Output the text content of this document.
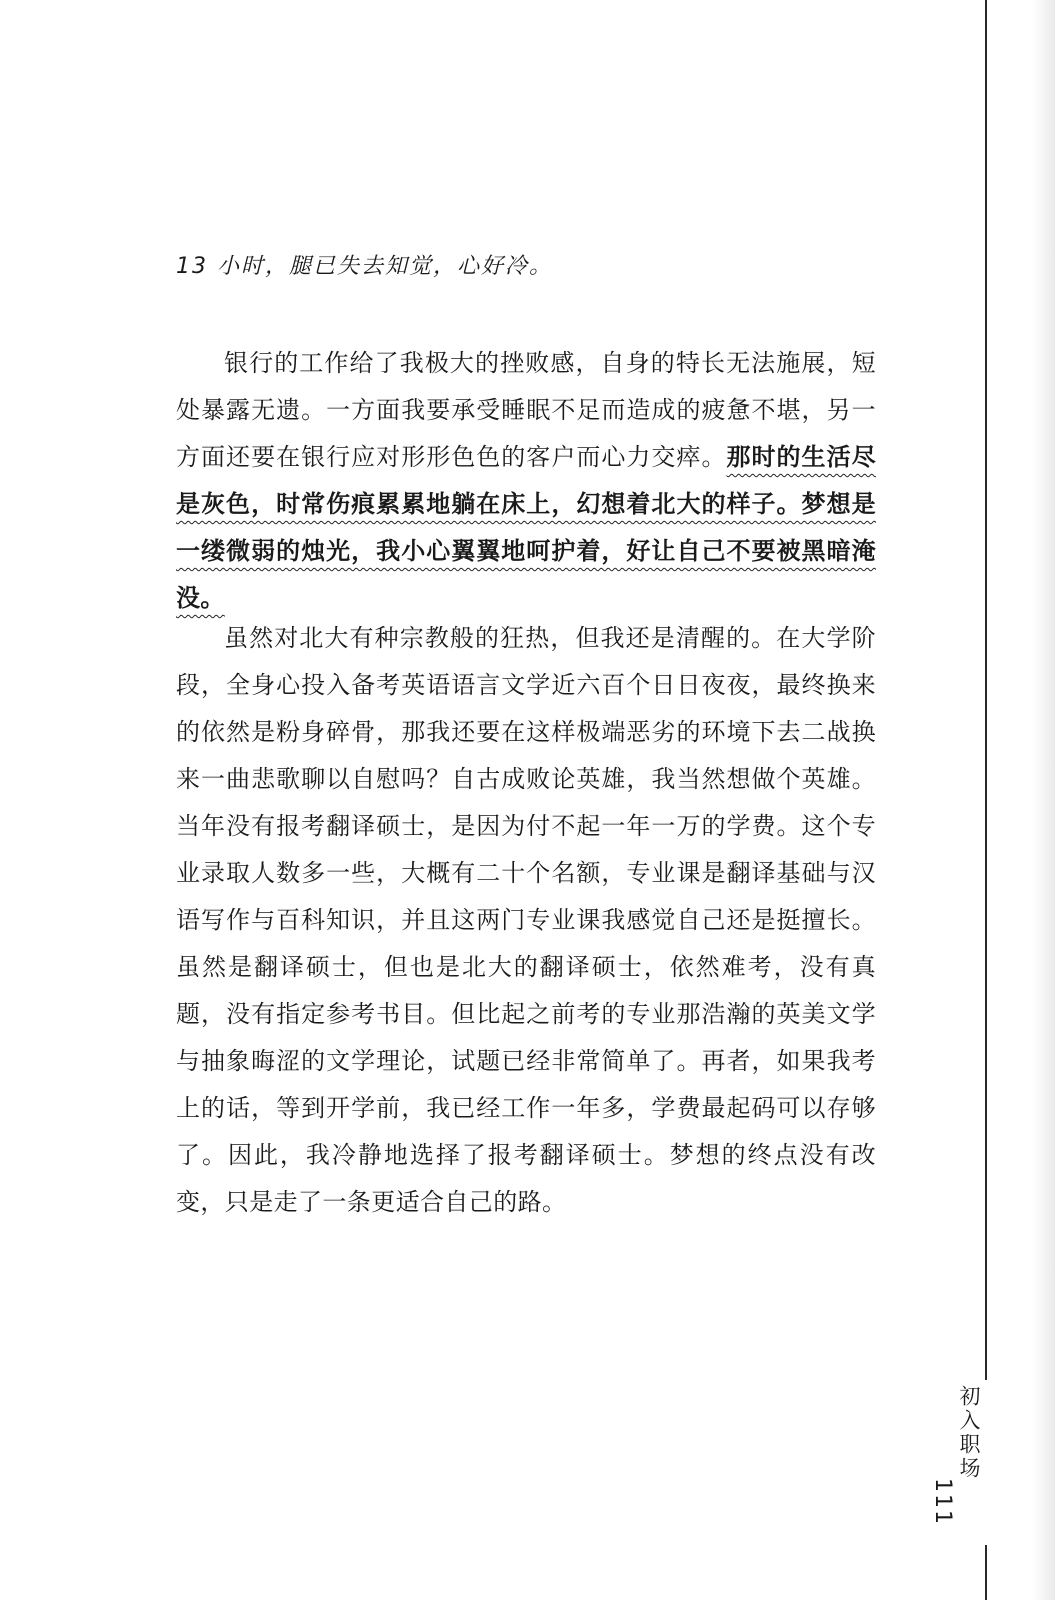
13 小时，腿已失去知觉，心好冷。

银行的工作给了我极大的挫败感，自身的特长无法施展，短处暴露无遗。一方面我要承受睡眠不足而造成的疲惫不堪，另一方面还要在银行应对形形色色的客户而心力交瘁。那时的生活尽是灰色，时常伤痕累累地躺在床上，幻想着北大的样子。梦想是一缕微弱的烛光，我小心翼翼地呵护着，好让自己不要被黑暗淹没。

虽然对北大有种宗教般的狂热，但我还是清醒的。在大学阶段，全身心投入备考英语语言文学近六百个日日夜夜，最终换来的依然是粉身碎骨，那我还要在这样极端恶劣的环境下去二战换来一曲悲歌聊以自慰吗？自古成败论英雄，我当然想做个英雄。当年没有报考翻译硕士，是因为付不起一年一万的学费。这个专业录取人数多一些，大概有二十个名额，专业课是翻译基础与汉语写作与百科知识，并且这两门专业课我感觉自己还是挺擅长。虽然是翻译硕士，但也是北大的翻译硕士，依然难考，没有真题，没有指定参考书目。但比起之前考的专业那浩瀚的英美文学与抽象晦涩的文学理论，试题已经非常简单了。再者，如果我考上的话，等到开学前，我已经工作一年多，学费最起码可以存够了。因此，我冷静地选择了报考翻译硕士。梦想的终点没有改变，只是走了一条更适合自己的路。

初入职场
111
